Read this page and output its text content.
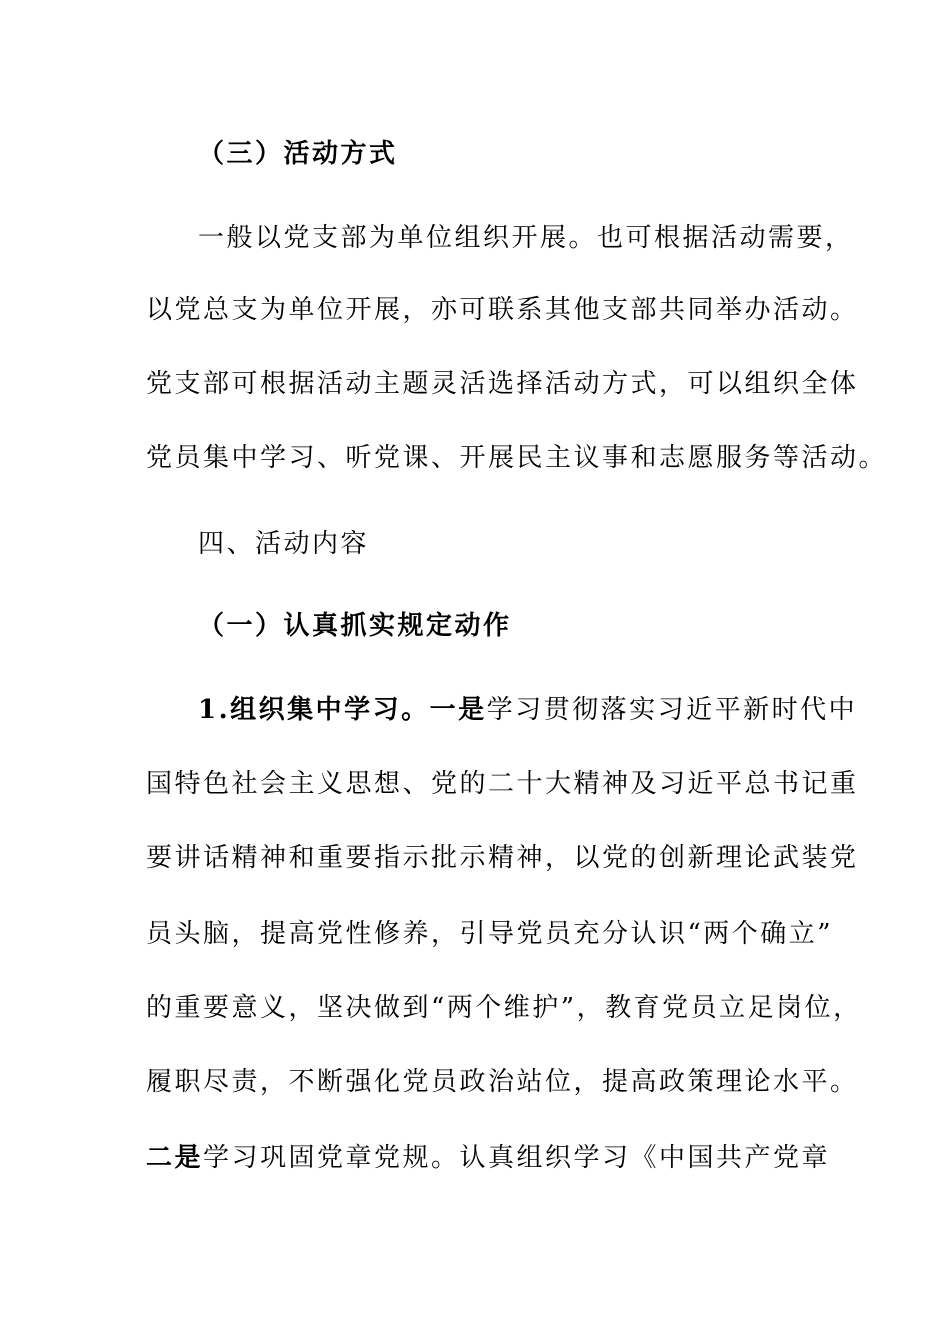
（三）活动方式
一般以党支部为单位组织开展。也可根据活动需要，
以党总支为单位开展，亦可联系其他支部共同举办活动。
党支部可根据活动主题灵活选择活动方式，可以组织全体
党员集中学习、听党课、开展民主议事和志愿服务等活动。
四、活动内容
（一）认真抓实规定动作
1.组织集中学习。一是学习贯彻落实习近平新时代中
国特色社会主义思想、党的二十大精神及习近平总书记重
要讲话精神和重要指示批示精神，以党的创新理论武装党
员头脑，提高党性修养，引导党员充分认识“两个确立”
的重要意义，坚决做到“两个维护”，教育党员立足岗位，
履职尽责，不断强化党员政治站位，提高政策理论水平。
二是学习巩固党章党规。认真组织学习《中国共产党章
